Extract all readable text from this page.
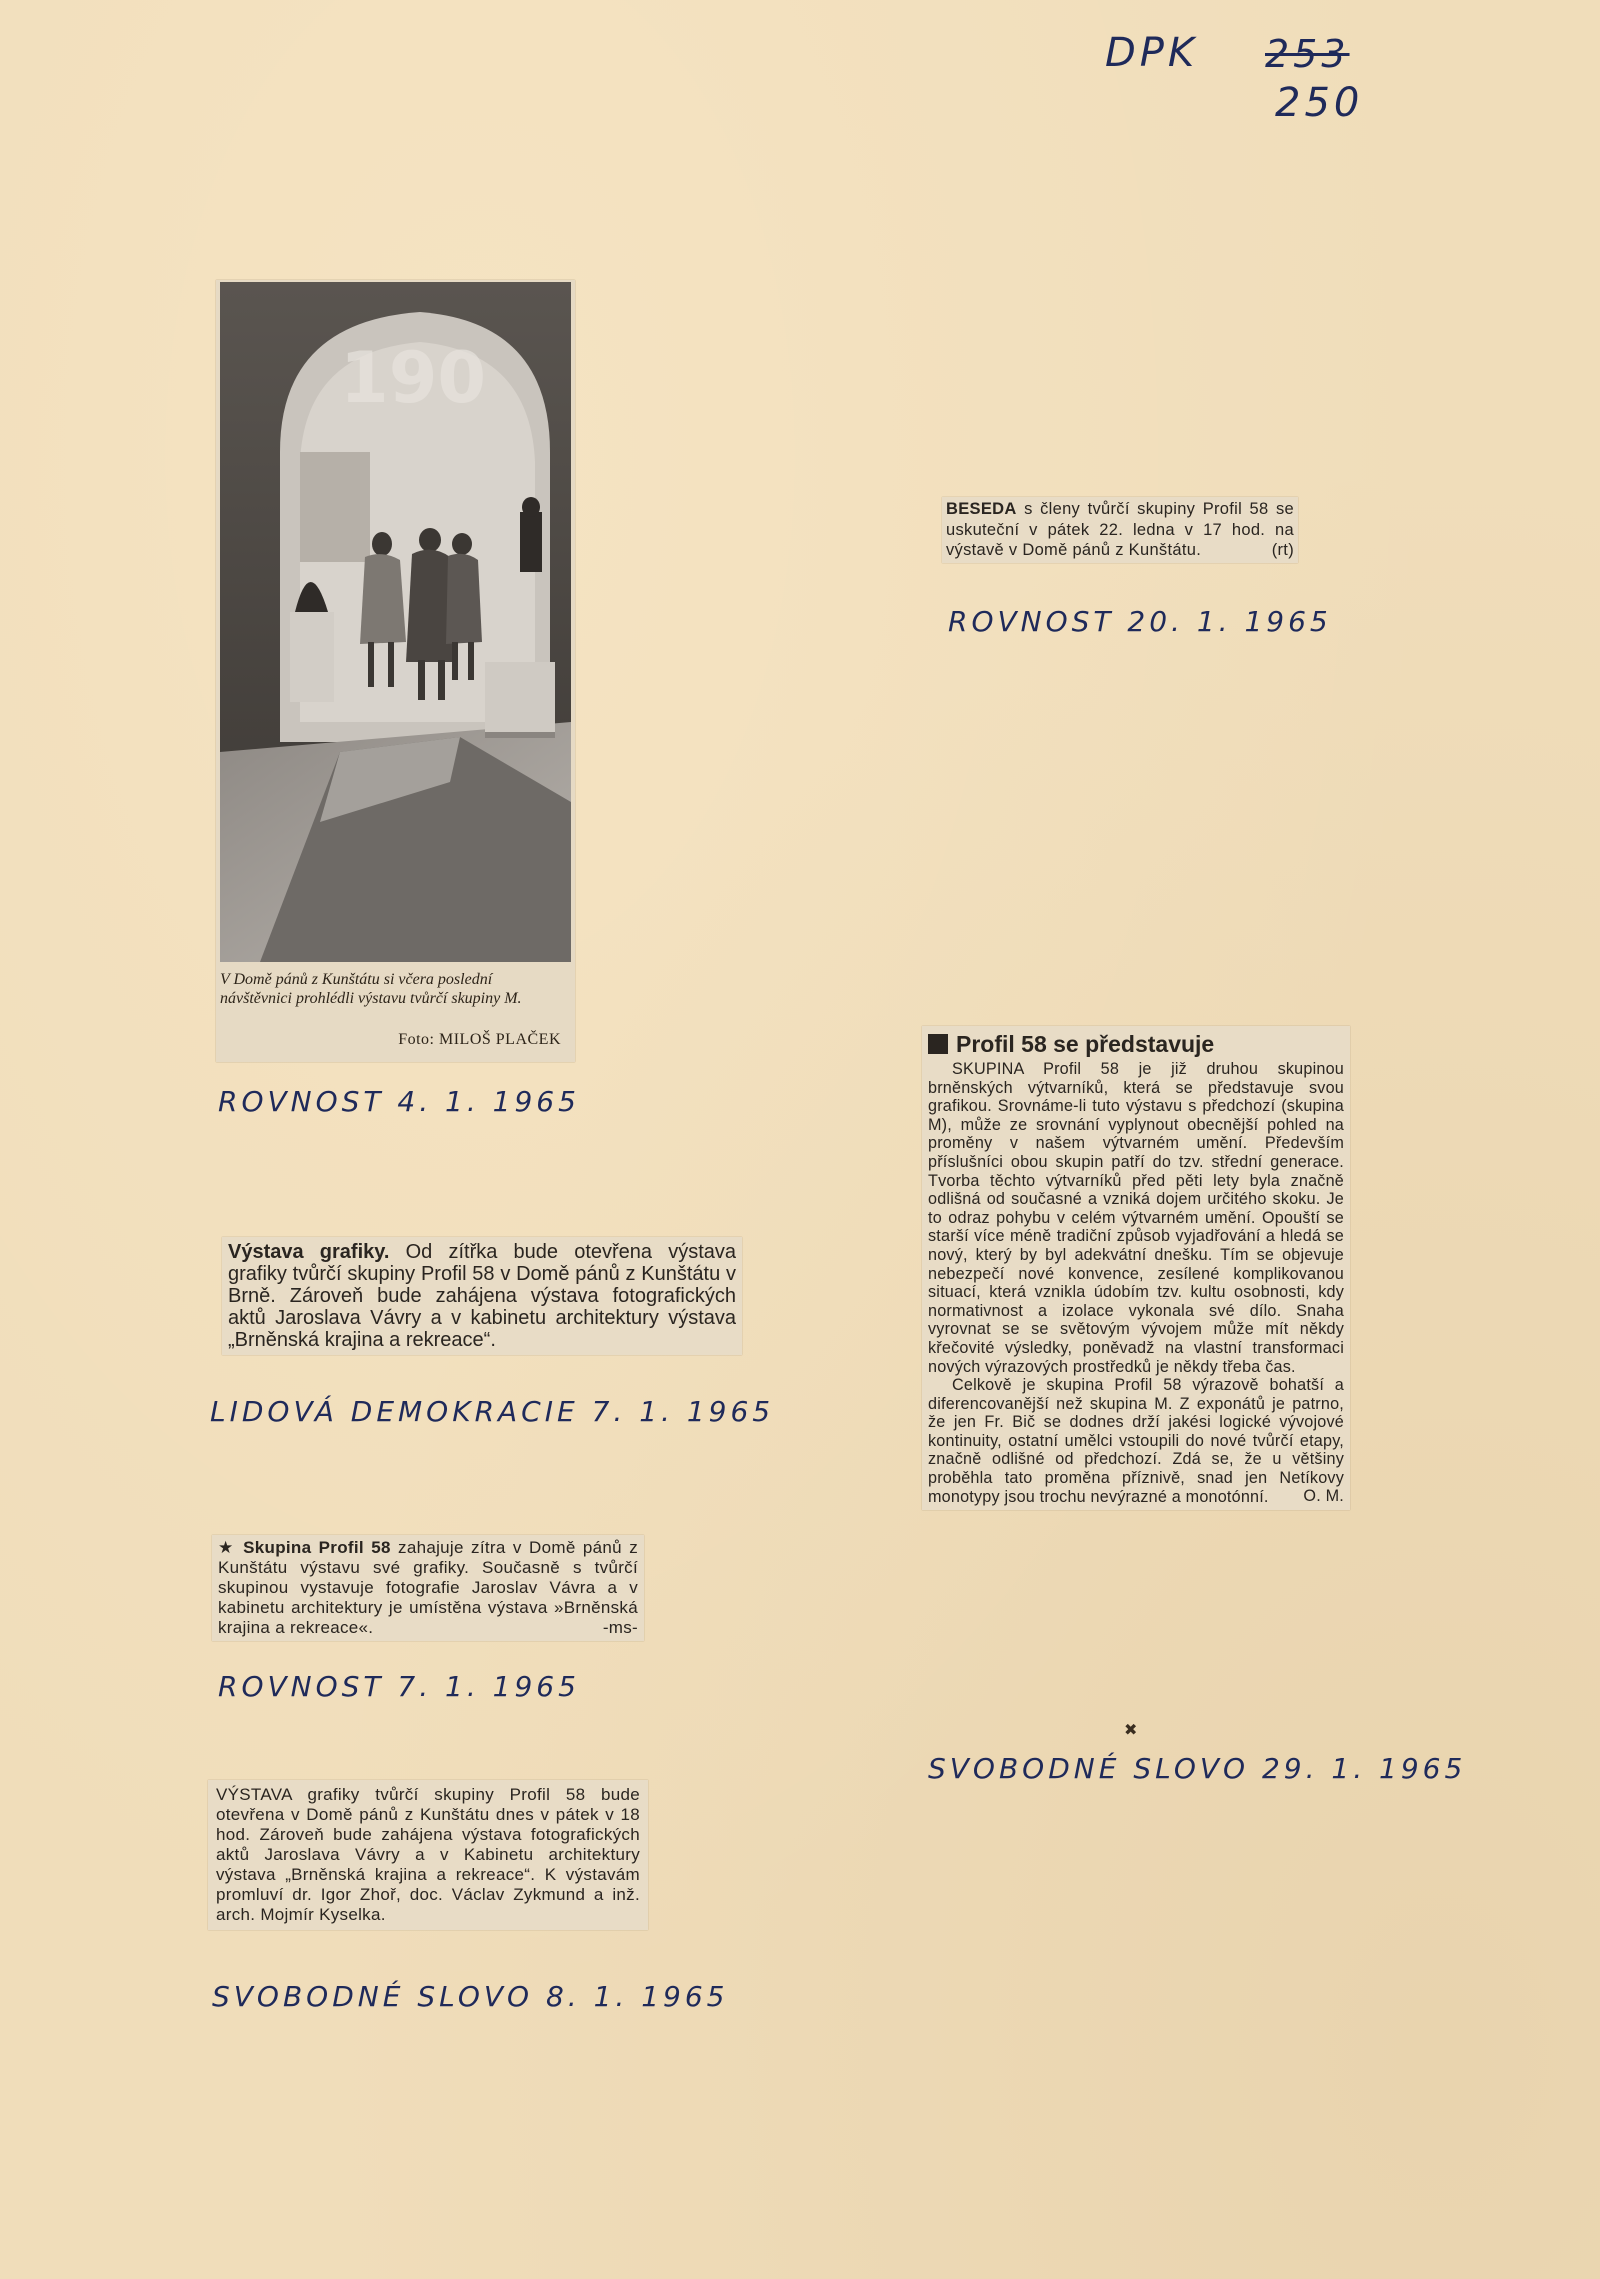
DPK 253
250
190
V Domě pánů z Kunštátu si včera poslední návštěvnici prohlédli výstavu tvůrčí skupiny M.
Foto: MILOŠ PLAČEK
ROVNOST 4. 1. 1965

BESEDA s členy tvůrčí skupiny Profil 58 se uskuteční v pátek 22. ledna v 17 hod. na výstavě v Domě pánů z Kunštátu.	(rt)

ROVNOST 20. 1. 1965

Výstava grafiky. Od zítřka bude otevřena výstava grafiky tvůrčí skupiny Profil 58 v Domě pánů z Kunštátu v Brně. Zároveň bude zahájena výstava fotografických aktů Jaroslava Vávry a v kabinetu architektury výstava „Brněnská krajina a rekreace“.

LIDOVÁ DEMOKRACIE 7. 1. 1965

★ Skupina Profil 58 zahajuje zítra v Domě pánů z Kunštátu výstavu své grafiky. Současně s tvůrčí skupinou vystavuje fotografie Jaroslav Vávra a v kabinetu architektury je umístěna výstava »Brněnská krajina a rekreace«.	-ms-

ROVNOST 7. 1. 1965

VÝSTAVA grafiky tvůrčí skupiny Profil 58 bude otevřena v Domě pánů z Kunštátu dnes v pátek v 18 hod. Zároveň bude zahájena výstava fotografických aktů Jaroslava Vávry a v Kabinetu architektury výstava „Brněnská krajina a rekreace“. K výstavám promluví dr. Igor Zhoř, doc. Václav Zykmund a inž. arch. Mojmír Kyselka.

SVOBODNÉ SLOVO 8. 1. 1965

Profil 58 se představuje

SKUPINA Profil 58 je již druhou skupinou brněnských výtvarníků, která se představuje svou grafikou. Srovnáme-li tuto výstavu s předchozí (skupina M), může ze srovnání vyplynout obecnější pohled na proměny v našem výtvarném umění. Především příslušníci obou skupin patří do tzv. střední generace. Tvorba těchto výtvarníků před pěti lety byla značně odlišná od současné a vzniká dojem určitého skoku. Je to odraz pohybu v celém výtvarném umění. Opouští se starší více méně tradiční způsob vyjadřování a hledá se nový, který by byl adekvátní dnešku. Tím se objevuje nebezpečí nové konvence, zesílené komplikovanou situací, která vznikla údobím tzv. kultu osobnosti, kdy normativnost a izolace vykonala své dílo. Snaha vyrovnat se se světovým vývojem může mít někdy křečovité výsledky, poněvadž na vlastní transformaci nových výrazových prostředků je někdy třeba čas.

Celkově je skupina Profil 58 výrazově bohatší a diferencovanější než skupina M. Z exponátů je patrno, že jen Fr. Bič se dodnes drží jakési logické vývojové kontinuity, ostatní umělci vstoupili do nové tvůrčí etapy, značně odlišné od předchozí. Zdá se, že u většiny proběhla tato proměna příznivě, snad jen Netíkovy monotypy jsou trochu nevýrazné a monotónní.	O. M.

✖
SVOBODNÉ SLOVO 29. 1. 1965
